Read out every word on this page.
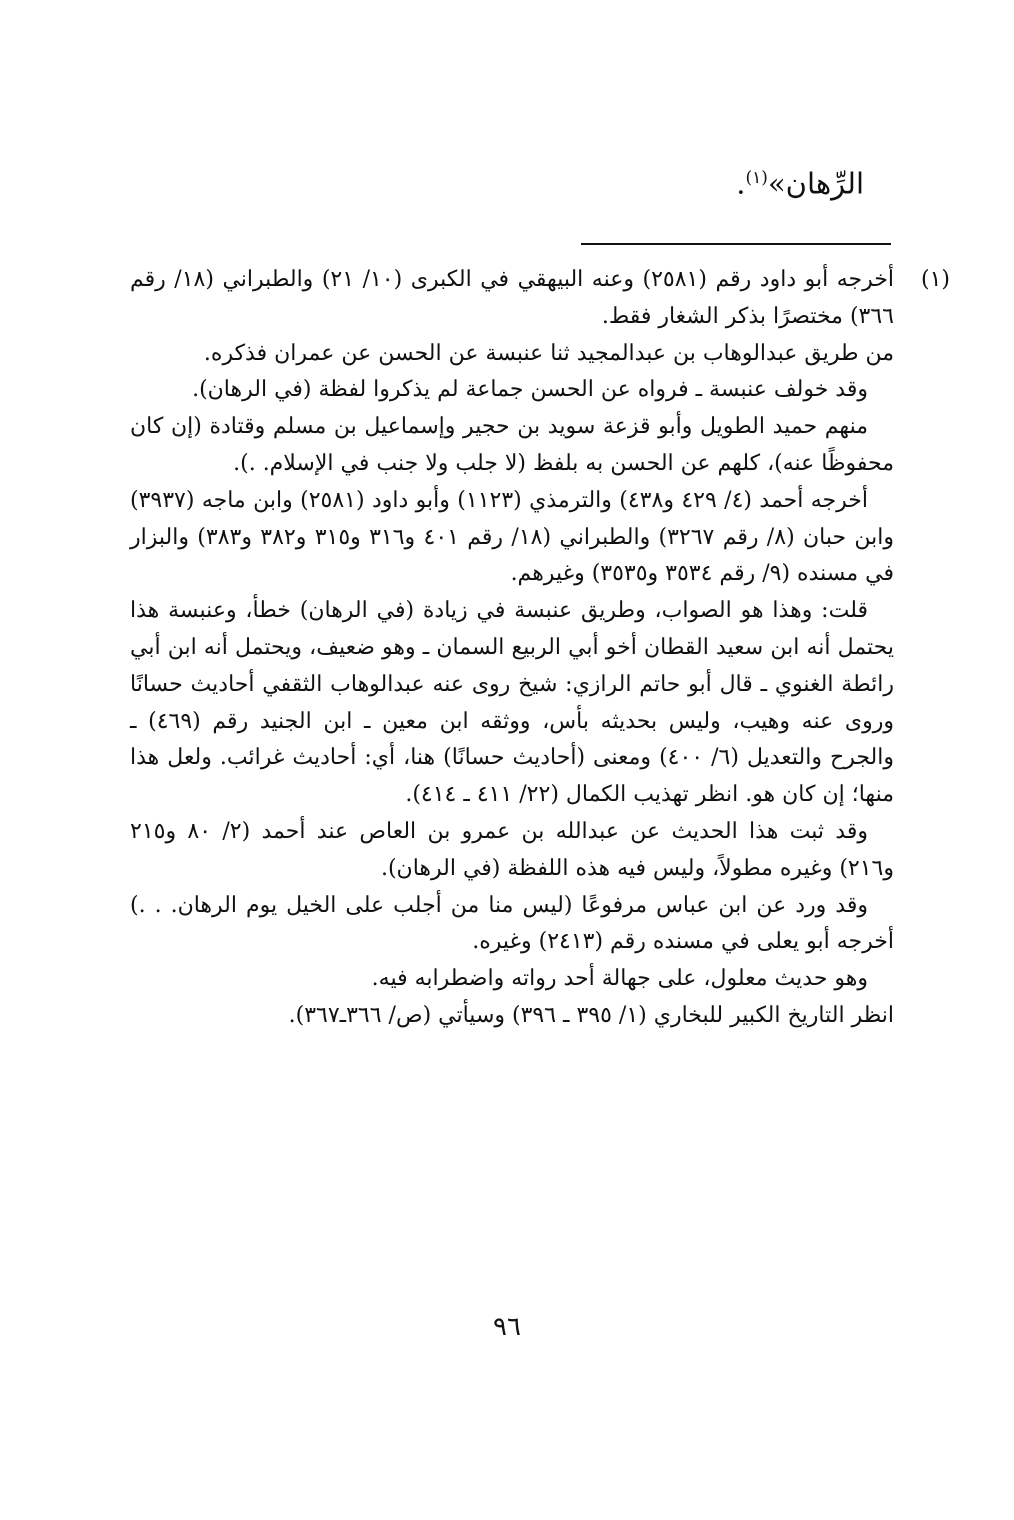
الرِّهان»$^{(١)}$.
(١)

أخرجه أبو داود رقم (٢٥٨١) وعنه البيهقي في الكبرى (١٠/ ٢١) والطبراني (١٨/ رقم ٣٦٦) مختصرًا بذكر الشغار فقط.

من طريق عبدالوهاب بن عبدالمجيد ثنا عنبسة عن الحسن عن عمران فذكره.

وقد خولف عنبسة ـ فرواه عن الحسن جماعة لم يذكروا لفظة (في الرهان).

منهم حميد الطويل وأبو قزعة سويد بن حجير وإسماعيل بن مسلم وقتادة (إن كان محفوظًا عنه)، كلهم عن الحسن به بلفظ (لا جلب ولا جنب في الإسلام. .).

أخرجه أحمد (٤/ ٤٢٩ و٤٣٨) والترمذي (١١٢٣) وأبو داود (٢٥٨١) وابن ماجه (٣٩٣٧) وابن حبان (٨/ رقم ٣٢٦٧) والطبراني (١٨/ رقم ٤٠١ و٣١٦ و٣١٥ و٣٨٢ و٣٨٣) والبزار في مسنده (٩/ رقم ٣٥٣٤ و٣٥٣٥) وغيرهم.

قلت: وهذا هو الصواب، وطريق عنبسة في زيادة (في الرهان) خطأ، وعنبسة هذا يحتمل أنه ابن سعيد القطان أخو أبي الربيع السمان ـ وهو ضعيف، ويحتمل أنه ابن أبي رائطة الغنوي ـ قال أبو حاتم الرازي: شيخ روى عنه عبدالوهاب الثقفي أحاديث حسانًا وروى عنه وهيب، وليس بحديثه بأس، ووثقه ابن معين ـ ابن الجنيد رقم (٤٦٩) ـ والجرح والتعديل (٦/ ٤٠٠) ومعنى (أحاديث حسانًا) هنا، أي: أحاديث غرائب. ولعل هذا منها؛ إن كان هو. انظر تهذيب الكمال (٢٢/ ٤١١ ـ ٤١٤).

وقد ثبت هذا الحديث عن عبدالله بن عمرو بن العاص عند أحمد (٢/ ٨٠ و٢١٥ و٢١٦) وغيره مطولاً، وليس فيه هذه اللفظة (في الرهان).

وقد ورد عن ابن عباس مرفوعًا (ليس منا من أجلب على الخيل يوم الرهان. . .) أخرجه أبو يعلى في مسنده رقم (٢٤١٣) وغيره.

وهو حديث معلول، على جهالة أحد رواته واضطرابه فيه.

انظر التاريخ الكبير للبخاري (١/ ٣٩٥ ـ ٣٩٦) وسيأتي (ص/ ٣٦٦ـ٣٦٧).

٩٦
